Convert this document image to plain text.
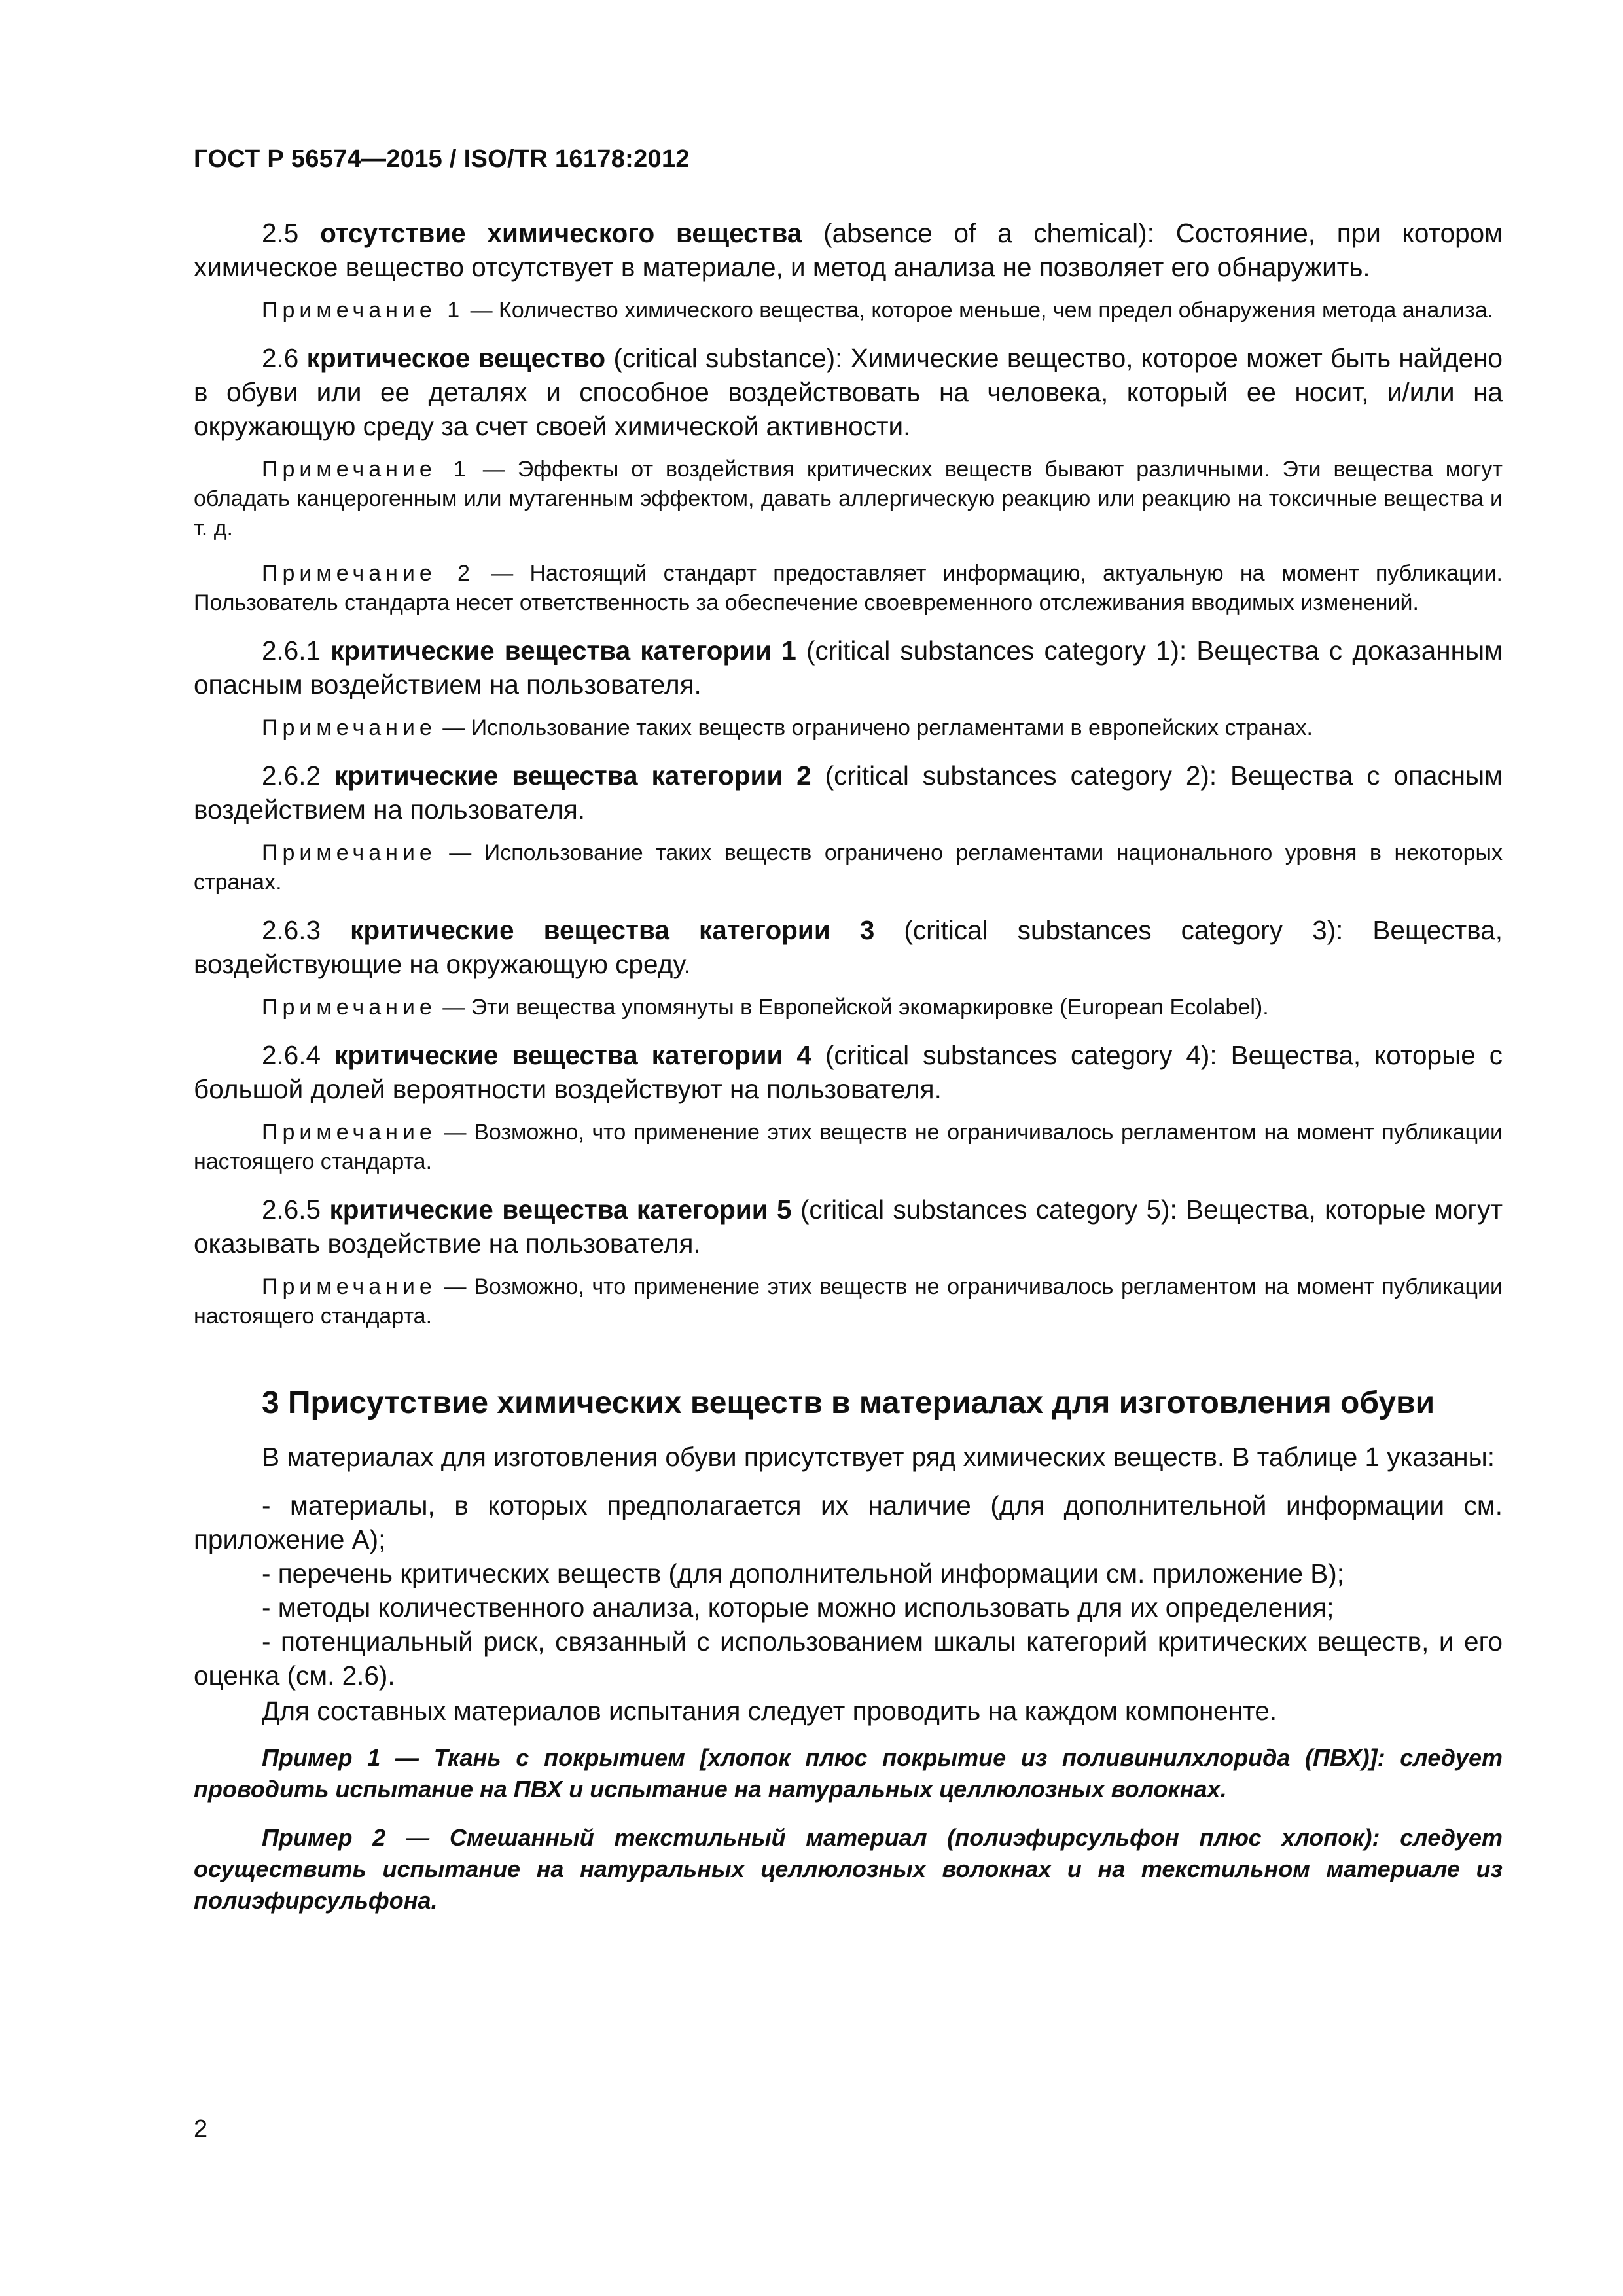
ГОСТ Р 56574—2015 / ISO/TR 16178:2012

2.5 отсутствие химического вещества (absence of a chemical): Состояние, при котором химическое вещество отсутствует в материале, и метод анализа не позволяет его обнаружить.

Примечание 1 — Количество химического вещества, которое меньше, чем предел обнаружения метода анализа.

2.6 критическое вещество (critical substance): Химические вещество, которое может быть найдено в обуви или ее деталях и способное воздействовать на человека, который ее носит, и/или на окружающую среду за счет своей химической активности.

Примечание 1 — Эффекты от воздействия критических веществ бывают различными. Эти вещества могут обладать канцерогенным или мутагенным эффектом, давать аллергическую реакцию или реакцию на токсичные вещества и т. д.

Примечание 2 — Настоящий стандарт предоставляет информацию, актуальную на момент публикации. Пользователь стандарта несет ответственность за обеспечение своевременного отслеживания вводимых изменений.

2.6.1 критические вещества категории 1 (critical substances category 1): Вещества с доказанным опасным воздействием на пользователя.

Примечание — Использование таких веществ ограничено регламентами в европейских странах.

2.6.2 критические вещества категории 2 (critical substances category 2): Вещества с опасным воздействием на пользователя.

Примечание — Использование таких веществ ограничено регламентами национального уровня в некоторых странах.

2.6.3 критические вещества категории 3 (critical substances category 3): Вещества, воздействующие на окружающую среду.

Примечание — Эти вещества упомянуты в Европейской экомаркировке (European Ecolabel).

2.6.4 критические вещества категории 4 (critical substances category 4): Вещества, которые с большой долей вероятности воздействуют на пользователя.

Примечание — Возможно, что применение этих веществ не ограничивалось регламентом на момент публикации настоящего стандарта.

2.6.5 критические вещества категории 5 (critical substances category 5): Вещества, которые могут оказывать воздействие на пользователя.

Примечание — Возможно, что применение этих веществ не ограничивалось регламентом на момент публикации настоящего стандарта.

3 Присутствие химических веществ в материалах для изготовления обуви

В материалах для изготовления обуви присутствует ряд химических веществ. В таблице 1 указаны:

- материалы, в которых предполагается их наличие (для дополнительной информации см. приложение А);

- перечень критических веществ (для дополнительной информации см. приложение В);

- методы количественного анализа, которые можно использовать для их определения;

- потенциальный риск, связанный с использованием шкалы категорий критических веществ, и его оценка (см. 2.6).

Для составных материалов испытания следует проводить на каждом компоненте.

Пример 1 — Ткань с покрытием [хлопок плюс покрытие из поливинилхлорида (ПВХ)]: следует проводить испытание на ПВХ и испытание на натуральных целлюлозных волокнах.

Пример 2 — Смешанный текстильный материал (полиэфирсульфон плюс хлопок): следует осуществить испытание на натуральных целлюлозных волокнах и на текстильном материале из полиэфирсульфона.

2
